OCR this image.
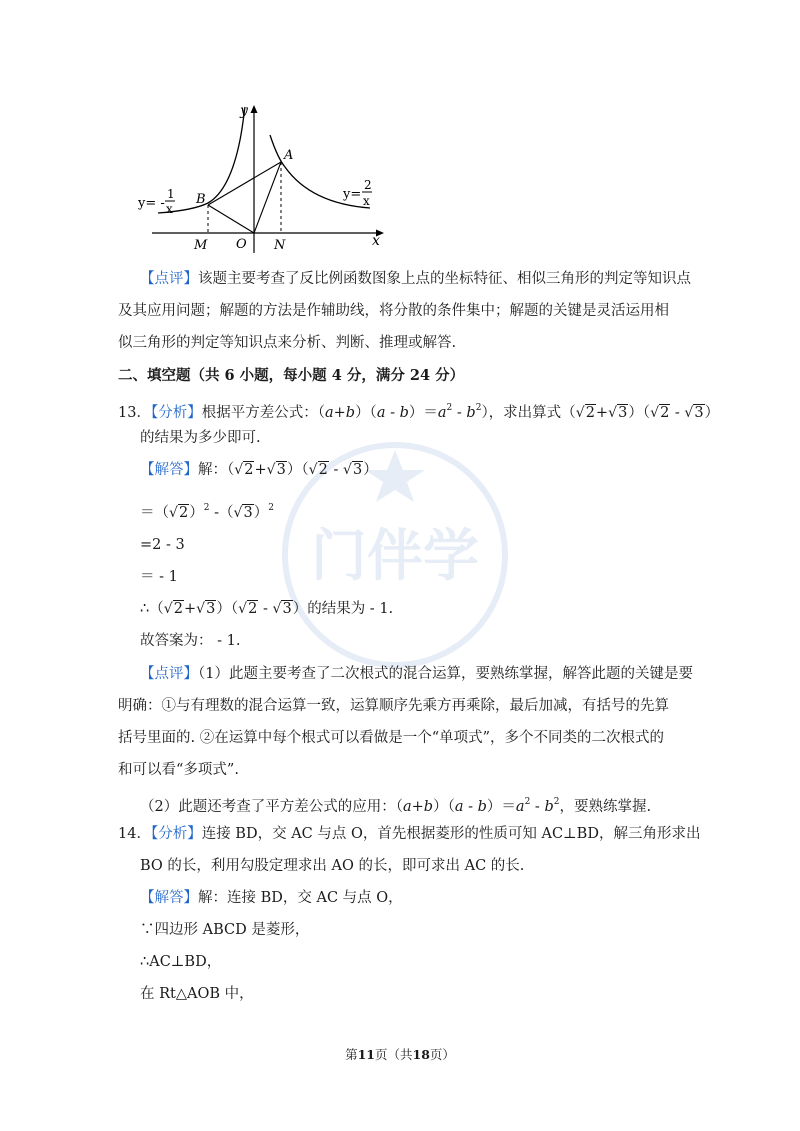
门伴学
y
x
A
B
O
M	N
y= -
1
x
y=
2
x
【点评】该题主要考查了反比例函数图象上点的坐标特征、相似三角形的判定等知识点
及其应用问题；解题的方法是作辅助线，将分散的条件集中；解题的关键是灵活运用相
似三角形的判定等知识点来分析、判断、推理或解答.
二、填空题（共 6 小题，每小题 4 分，满分 24 分）
13．【分析】根据平方差公式：$(a+b)(a - b)=a^2 - b^2$），求出算式（ √ 2+ √ 3）（ √ 2 - √ 3）
的结果为多少即可.
【解答】解：（ √ 2+ √ 3）（ √ 2 - √ 3）
＝（ √ 2）$^2$ -（ √ 3）$^2$
=2 - 3
＝ - 1
∴（ √ 2+ √ 3）（ √ 2 - √ 3）的结果为 - 1.
故答案为： - 1.
【点评】（1）此题主要考查了二次根式的混合运算，要熟练掌握，解答此题的关键是要
明确：①与有理数的混合运算一致，运算顺序先乘方再乘除，最后加减，有括号的先算
括号里面的. ②在运算中每个根式可以看做是一个“单项式”，多个不同类的二次根式的
和可以看“多项式”.
（2）此题还考查了平方差公式的应用：$(a+b)(a - b)=a^2 - b^2$，要熟练掌握.
14．【分析】连接 BD，交 AC 与点 O，首先根据菱形的性质可知 AC⊥BD，解三角形求出
BO 的长，利用勾股定理求出 AO 的长，即可求出 AC 的长.
【解答】解：连接 BD，交 AC 与点 O，
∵四边形 ABCD 是菱形，
∴AC⊥BD，
在 Rt△AOB 中，
第11页（共18页）
